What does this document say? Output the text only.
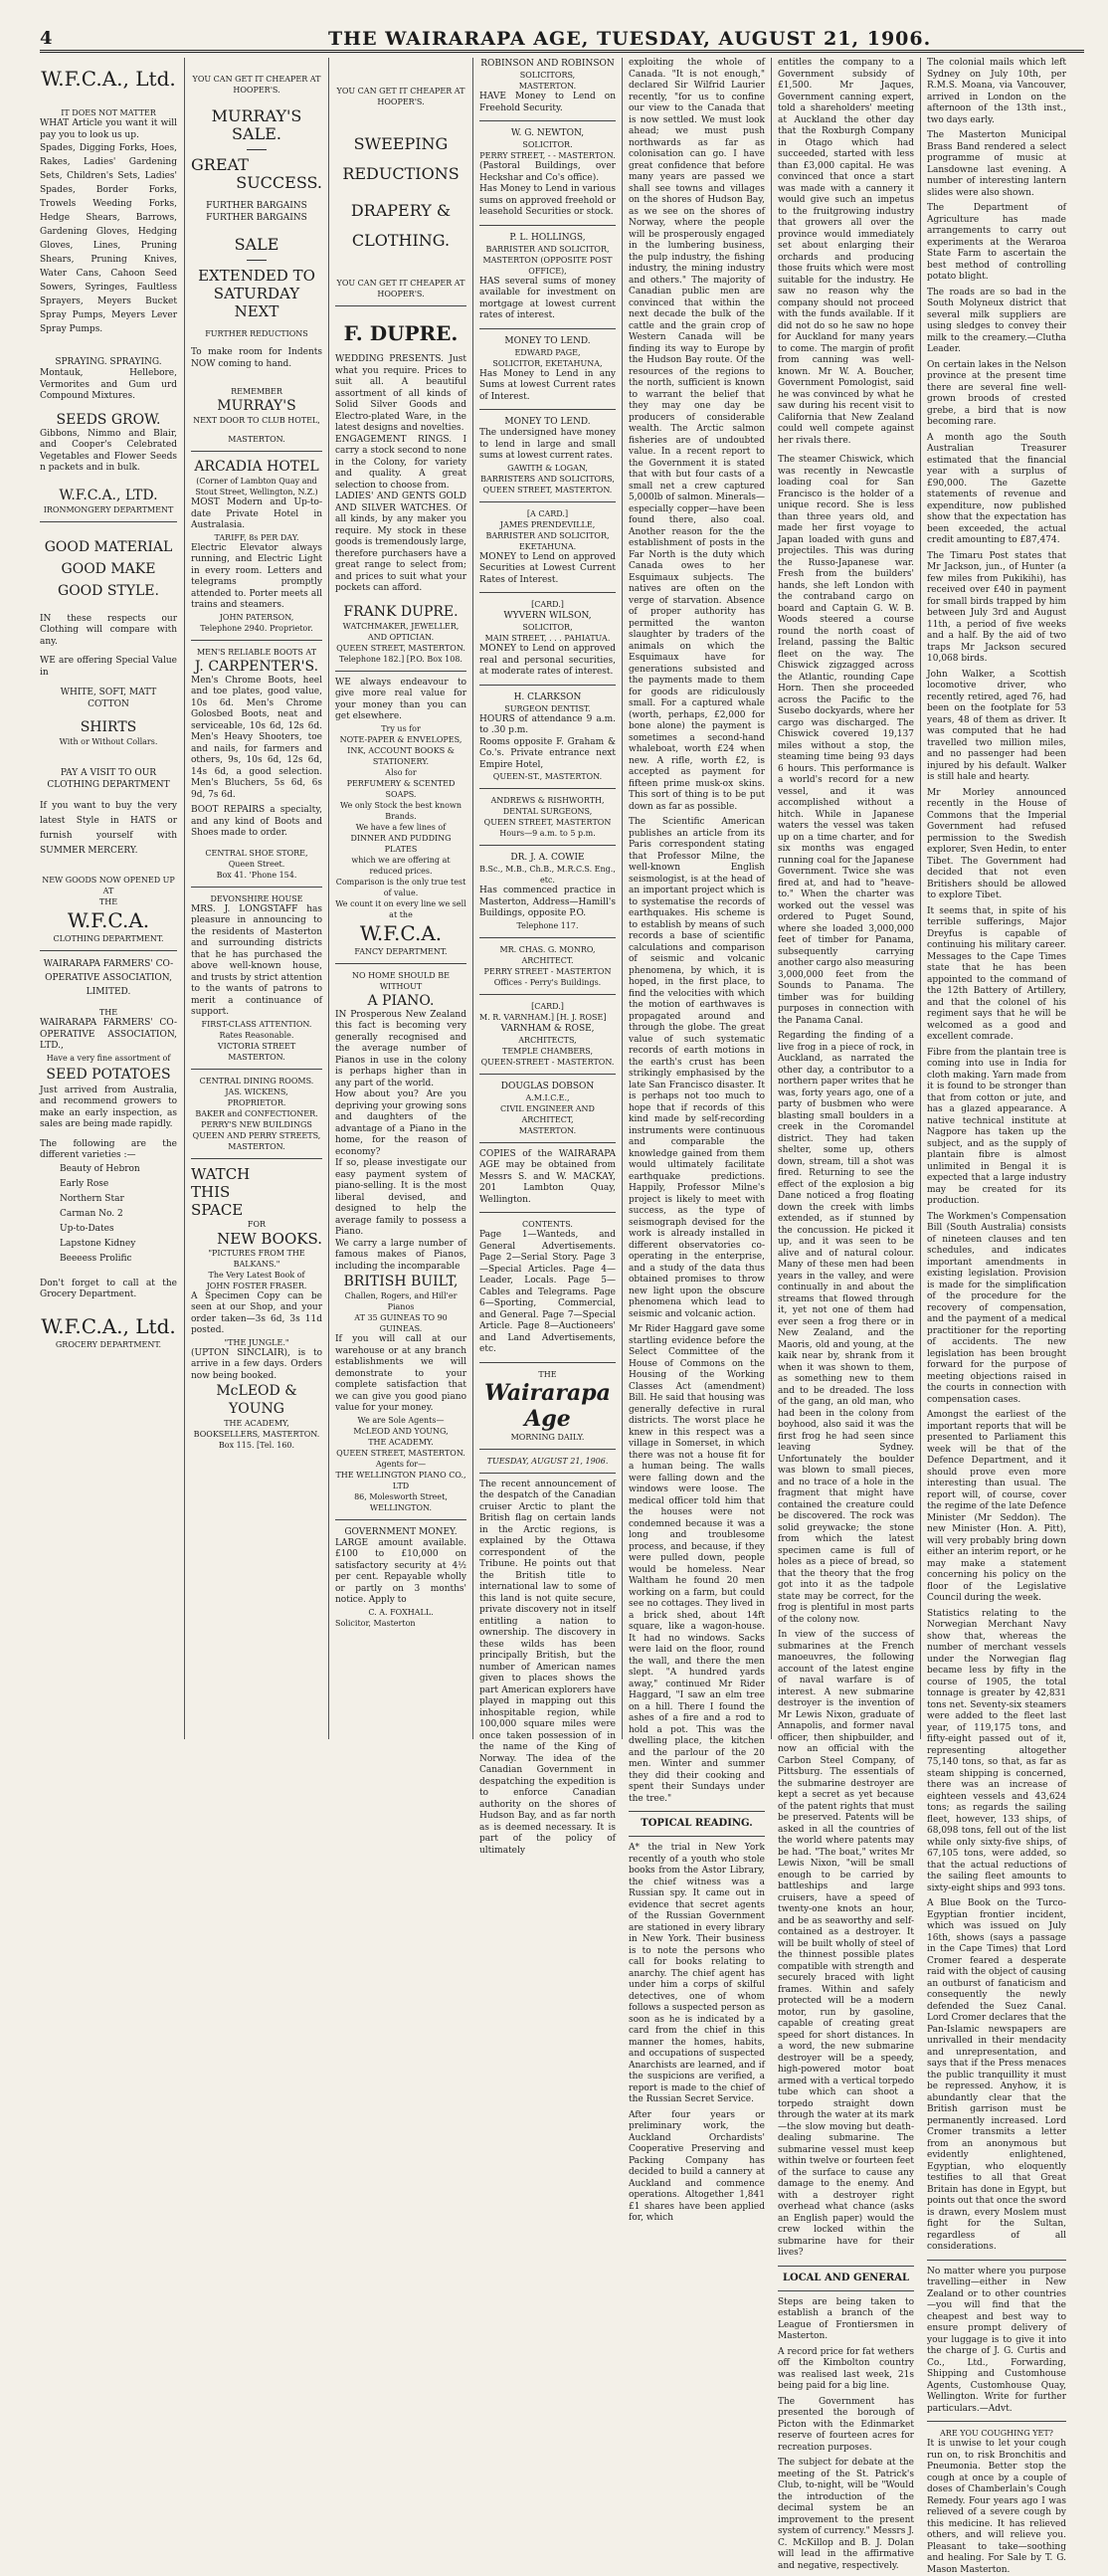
4	THE WAIRARAPA AGE, TUESDAY, AUGUST 21, 1906.

W.F.C.A., Ltd.

IT DOES NOT MATTER

WHAT Article you want it will pay you to look us up.

Spades, Digging Forks, Hoes, Rakes, Ladies' Gardening Sets, Children's Sets, Ladies' Spades, Border Forks, Trowels Weeding Forks, Hedge Shears, Barrows, Gardening Gloves, Hedging Gloves, Lines, Pruning Shears, Pruning Knives, Water Cans, Cahoon Seed Sowers, Syringes, Faultless Sprayers, Meyers Bucket Spray Pumps, Meyers Lever Spray Pumps.

SPRAYING. SPRAYING.

Montauk, Hellebore, Vermorites and Gum urd Compound Mixtures.

SEEDS GROW.

Gibbons, Nimmo and Blair, and Cooper's Celebrated Vegetables and Flower Seeds n packets and in bulk.

W.F.C.A., LTD.

IRONMONGERY DEPARTMENT

GOOD MATERIAL GOOD MAKE GOOD STYLE.

IN these respects our Clothing will compare with any.

WE are offering Special Value in

WHITE, SOFT, MATT COTTON

SHIRTS

With or Without Collars.

PAY A VISIT TO OUR CLOTHING DEPARTMENT

If you want to buy the very latest Style in HATS or furnish yourself with SUMMER MERCERY.

NEW GOODS NOW OPENED UP AT

THE

W.F.C.A.

CLOTHING DEPARTMENT.

WAIRARAPA FARMERS' CO-OPERATIVE ASSOCIATION, LIMITED.

THE

WAIRARAPA FARMERS' CO-OPERATIVE ASSOCIATION, LTD.,

Have a very fine assortment of

SEED POTATOES

Just arrived from Australia, and recommend growers to make an early inspection, as sales are being made rapidly.

The following are the different varieties :—

Beauty of Hebron
Early Rose
Northern Star
Carman No. 2
Up-to-Dates
Lapstone Kidney
Beeeess Prolific

Don't forget to call at the Grocery Department.

W.F.C.A., Ltd.

GROCERY DEPARTMENT.

YOU CAN GET IT CHEAPER AT HOOPER'S.

MURRAY'S SALE.

GREAT

SUCCESS.

FURTHER BARGAINS FURTHER BARGAINS

SALE

EXTENDED TO

SATURDAY NEXT

FURTHER REDUCTIONS

To make room for Indents NOW coming to hand.

REMEMBER

MURRAY'S

NEXT DOOR TO CLUB HOTEL,

MASTERTON.

ARCADIA HOTEL

(Corner of Lambton Quay and Stout Street, Wellington, N.Z.)

MOST Modern and Up-to-date Private Hotel in Australasia.

TARIFF, 8s PER DAY.

Electric Elevator always running, and Electric Light in every room. Letters and telegrams promptly attended to. Porter meets all trains and steamers.

JOHN PATERSON,

Telephone 2940. Proprietor.

MEN'S RELIABLE BOOTS AT

J. CARPENTER'S.

Men's Chrome Boots, heel and toe plates, good value, 10s 6d. Men's Chrome Golosbed Boots, neat and serviceable, 10s 6d, 12s 6d. Men's Heavy Shooters, toe and nails, for farmers and others, 9s, 10s 6d, 12s 6d, 14s 6d, a good selection. Men's Bluchers, 5s 6d, 6s 9d, 7s 6d.

BOOT REPAIRS a specialty, and any kind of Boots and Shoes made to order.

CENTRAL SHOE STORE,

Queen Street.

Box 41. 'Phone 154.

DEVONSHIRE HOUSE

MRS. J. LONGSTAFF has pleasure in announcing to the residents of Masterton and surrounding districts that he has purchased the above well-known house, and trusts by strict attention to the wants of patrons to merit a continuance of support.

FIRST-CLASS ATTENTION.

Rates Reasonable.

VICTORIA STREET MASTERTON.

CENTRAL DINING ROOMS.

JAS. WICKENS,

PROPRIETOR.

BAKER and CONFECTIONER.

PERRY'S NEW BUILDINGS

QUEEN AND PERRY STREETS,

MASTERTON.

WATCH

THIS

SPACE

FOR

NEW BOOKS.

"PICTURES FROM THE BALKANS."

The Very Latest Book of

JOHN FOSTER FRASER.

A Specimen Copy can be seen at our Shop, and your order taken—3s 6d, 3s 11d posted.

"THE JUNGLE."

(UPTON SINCLAIR), is to arrive in a few days. Orders now being booked.

McLEOD & YOUNG

THE ACADEMY, BOOKSELLERS, MASTERTON.

Box 115. [Tel. 160.

YOU CAN GET IT CHEAPER AT HOOPER'S.

SWEEPING

REDUCTIONS

DRAPERY &

CLOTHING.

YOU CAN GET IT CHEAPER AT HOOPER'S.

F. DUPRE.

WEDDING PRESENTS. Just what you require. Prices to suit all. A beautiful assortment of all kinds of Solid Silver Goods and Electro-plated Ware, in the latest designs and novelties.

ENGAGEMENT RINGS. I carry a stock second to none in the Colony, for variety and quality. A great selection to choose from.

LADIES' AND GENTS GOLD AND SILVER WATCHES. Of all kinds, by any maker you require. My stock in these goods is tremendously large, therefore purchasers have a great range to select from; and prices to suit what your pockets can afford.

FRANK DUPRE.

WATCHMAKER, JEWELLER, AND OPTICIAN.

QUEEN STREET, MASTERTON.

Telephone 182.] [P.O. Box 108.

WE always endeavour to give more real value for your money than you can get elsewhere.

Try us for

NOTE-PAPER & ENVELOPES, INK, ACCOUNT BOOKS & STATIONERY.

Also for

PERFUMERY & SCENTED SOAPS.

We only Stock the best known Brands.

We have a few lines of

DINNER AND PUDDING PLATES

which we are offering at reduced prices.

Comparison is the only true test of value.

We count it on every line we sell at the

W.F.C.A.

FANCY DEPARTMENT.

NO HOME SHOULD BE WITHOUT

A PIANO.

IN Prosperous New Zealand this fact is becoming very generally recognised and the average number of Pianos in use in the colony is perhaps higher than in any part of the world.

How about you? Are you depriving your growing sons and daughters of the advantage of a Piano in the home, for the reason of economy?

If so, please investigate our easy payment system of piano-selling. It is the most liberal devised, and designed to help the average family to possess a Piano.

We carry a large number of famous makes of Pianos, including the incomparable

BRITISH BUILT,

Challen, Rogers, and Hill'er Pianos

AT 35 GUINEAS TO 90 GUINEAS.

If you will call at our warehouse or at any branch establishments we will demonstrate to your complete satisfaction that we can give you good piano value for your money.

We are Sole Agents—

McLEOD AND YOUNG,

THE ACADEMY.

QUEEN STREET, MASTERTON.

Agents for—

THE WELLINGTON PIANO CO., LTD

86, Molesworth Street,

WELLINGTON.

GOVERNMENT MONEY.

LARGE amount available. £100 to £10,000 on satisfactory security at 4½ per cent. Repayable wholly or partly on 3 months' notice. Apply to

C. A. FOXHALL.

Solicitor, Masterton

ROBINSON AND ROBINSON

SOLICITORS,

MASTERTON.

HAVE Money to Lend on Freehold Security.

W. G. NEWTON,

SOLICITOR.

PERRY STREET, - - MASTERTON.

(Pastoral Buildings, over Heckshar and Co's office).

Has Money to Lend in various sums on approved freehold or leasehold Securities or stock.

P. L. HOLLINGS,

BARRISTER AND SOLICITOR,

MASTERTON (OPPOSITE POST OFFICE),

HAS several sums of money available for investment on mortgage at lowest current rates of interest.

MONEY TO LEND.

EDWARD PAGE,

SOLICITOR, EKETAHUNA,

Has Money to Lend in any Sums at lowest Current rates of Interest.

MONEY TO LEND.

The undersigned have money to lend in large and small sums at lowest current rates.

GAWITH & LOGAN,

BARRISTERS AND SOLICITORS,

QUEEN STREET, MASTERTON.

[A CARD.]

JAMES PRENDEVILLE,

BARRISTER AND SOLICITOR,

EKETAHUNA.

MONEY to Lend on approved Securities at Lowest Current Rates of Interest.

[CARD.]

WYVERN WILSON,

SOLICITOR,

MAIN STREET, . . . PAHIATUA.

MONEY to Lend on approved real and personal securities, at moderate rates of interest.

H. CLARKSON

SURGEON DENTIST.

HOURS of attendance 9 a.m. to .30 p.m.

Rooms opposite F. Graham & Co.'s. Private entrance next Empire Hotel,

QUEEN-ST., MASTERTON.

ANDREWS & RISHWORTH,

DENTAL SURGEONS,

QUEEN STREET, MASTERTON

Hours—9 a.m. to 5 p.m.

DR. J. A. COWIE

B.Sc., M.B., Ch.B., M.R.C.S. Eng., etc.

Has commenced practice in Masterton, Address—Hamill's Buildings, opposite P.O.

Telephone 117.

MR. CHAS. G. MONRO,

ARCHITECT.

PERRY STREET - MASTERTON

Offices - Perry's Buildings.

[CARD.]

M. R. VARNHAM.] [H. J. ROSE]

VARNHAM & ROSE,

ARCHITECTS,

TEMPLE CHAMBERS,

QUEEN-STREET - MASTERTON.

DOUGLAS DOBSON

A.M.I.C.E.,

CIVIL ENGINEER AND ARCHITECT,

MASTERTON.

COPIES of the WAIRARAPA AGE may be obtained from Messrs S. and W. MACKAY, 201 Lambton Quay, Wellington.

CONTENTS.

Page 1—Wanteds, and General Advertisements. Page 2—Serial Story. Page 3—Special Articles. Page 4—Leader, Locals. Page 5—Cables and Telegrams. Page 6—Sporting, Commercial, and General. Page 7—Special Article. Page 8—Auctioneers' and Land Advertisements, etc.

THE

Wairarapa Age

MORNING DAILY.

TUESDAY, AUGUST 21, 1906.

The recent announcement of the despatch of the Canadian cruiser Arctic to plant the British flag on certain lands in the Arctic regions, is explained by the Ottawa correspondent of the Tribune. He points out that the British title to international law to some of this land is not quite secure, private discovery not in itself entitling a nation to ownership. The discovery in these wilds has been principally British, but the number of American names given to places shows the part American explorers have played in mapping out this inhospitable region, while 100,000 square miles were once taken possession of in the name of the King of Norway. The idea of the Canadian Government in despatching the expedition is to enforce Canadian authority on the shores of Hudson Bay, and as far north as is deemed necessary. It is part of the policy of ultimately

exploiting the whole of Canada. "It is not enough," declared Sir Wilfrid Laurier recently, "for us to confine our view to the Canada that is now settled. We must look ahead; we must push northwards as far as colonisation can go. I have great confidence that before many years are passed we shall see towns and villages on the shores of Hudson Bay, as we see on the shores of Norway, where the people will be prosperously engaged in the lumbering business, the pulp industry, the fishing industry, the mining industry and others." The majority of Canadian public men are convinced that within the next decade the bulk of the cattle and the grain crop of Western Canada will be finding its way to Europe by the Hudson Bay route. Of the resources of the regions to the north, sufficient is known to warrant the belief that they may one day be producers of considerable wealth. The Arctic salmon fisheries are of undoubted value. In a recent report to the Government it is stated that with but four casts of a small net a crew captured 5,000lb of salmon. Minerals—especially copper—have been found there, also coal. Another reason for the the establishment of posts in the Far North is the duty which Canada owes to her Esquimaux subjects. The natives are often on the verge of starvation. Absence of proper authority has permitted the wanton slaughter by traders of the animals on which the Esquimaux have for generations subsisted and the payments made to them for goods are ridiculously small. For a captured whale (worth, perhaps, £2,000 for bone alone) the payment is sometimes a second-hand whaleboat, worth £24 when new. A rifle, worth £2, is accepted as payment for fifteen prime musk-ox skins. This sort of thing is to be put down as far as possible.

The Scientific American publishes an article from its Paris correspondent stating that Professor Milne, the well-known English seismologist, is at the head of an important project which is to systematise the records of earthquakes. His scheme is to establish by means of such records a base of scientific calculations and comparison of seismic and volcanic phenomena, by which, it is hoped, in the first place, to find the velocities with which the motion of earthwaves is propagated around and through the globe. The great value of such systematic records of earth motions in the earth's crust has been strikingly emphasised by the late San Francisco disaster. It is perhaps not too much to hope that if records of this kind made by self-recording instruments were continuous and comparable the knowledge gained from them would ultimately facilitate earthquake predictions. Happily, Professor Milne's project is likely to meet with success, as the type of seismograph devised for the work is already installed in different observatories co-operating in the enterprise, and a study of the data thus obtained promises to throw new light upon the obscure phenomena which lead to seismic and volcanic action.

Mr Rider Haggard gave some startling evidence before the Select Committee of the House of Commons on the Housing of the Working Classes Act (amendment) Bill. He said that housing was generally defective in rural districts. The worst place he knew in this respect was a village in Somerset, in which there was not a house fit for a human being. The walls were falling down and the windows were loose. The medical officer told him that the houses were not condemned because it was a long and troublesome process, and because, if they were pulled down, people would be homeless. Near Waltham he found 20 men working on a farm, but could see no cottages. They lived in a brick shed, about 14ft square, like a wagon-house. It had no windows. Sacks were laid on the floor, round the wall, and there the men slept. "A hundred yards away," continued Mr Rider Haggard, "I saw an elm tree on a hill. There I found the ashes of a fire and a rod to hold a pot. This was the dwelling place, the kitchen and the parlour of the 20 men. Winter and summer they did their cooking and spent their Sundays under the tree."

TOPICAL READING.

A* the trial in New York recently of a youth who stole books from the Astor Library, the chief witness was a Russian spy. It came out in evidence that secret agents of the Russian Government are stationed in every library in New York. Their business is to note the persons who call for books relating to anarchy. The chief agent has under him a corps of skilful detectives, one of whom follows a suspected person as soon as he is indicated by a card from the chief in this manner the homes, habits, and occupations of suspected Anarchists are learned, and if the suspicions are verified, a report is made to the chief of the Russian Secret Service.

After four years or preliminary work, the Auckland Orchardists' Cooperative Preserving and Packing Company has decided to build a cannery at Auckland and commence operations. Altogether 1,841 £1 shares have been applied for, which

entitles the company to a Government subsidy of £1,500. Mr Jaques, Government canning expert, told a shareholders' meeting at Auckland the other day that the Roxburgh Company in Otago which had succeeded, started with less than £3,000 capital. He was convinced that once a start was made with a cannery it would give such an impetus to the fruitgrowing industry that growers all over the province would immediately set about enlarging their orchards and producing those fruits which were most suitable for the industry. He saw no reason why the company should not proceed with the funds available. If it did not do so he saw no hope for Auckland for many years to come. The margin of profit from canning was well-known. Mr W. A. Boucher, Government Pomologist, said he was convinced by what he saw during his recent visit to California that New Zealand could well compete against her rivals there.

The steamer Chiswick, which was recently in Newcastle loading coal for San Francisco is the holder of a unique record. She is less than three years old, and made her first voyage to Japan loaded with guns and projectiles. This was during the Russo-Japanese war. Fresh from the builders' hands, she left London with the contraband cargo on board and Captain G. W. B. Woods steered a course round the north coast of Ireland, passing the Baltic fleet on the way. The Chiswick zigzagged across the Atlantic, rounding Cape Horn. Then she proceeded across the Pacific to the Susebo dockyards, where her cargo was discharged. The Chiswick covered 19,137 miles without a stop, the steaming time being 93 days 6 hours. This performance is a world's record for a new vessel, and it was accomplished without a hitch. While in Japanese waters the vessel was taken up on a time charter, and for six months was engaged running coal for the Japanese Government. Twice she was fired at, and had to "heave-to." When the charter was worked out the vessel was ordered to Puget Sound, where she loaded 3,000,000 feet of timber for Panama, subsequently carrying another cargo also measuring 3,000,000 feet from the Sounds to Panama. The timber was for building purposes in connection with the Panama Canal.

Regarding the finding of a live frog in a piece of rock, in Auckland, as narrated the other day, a contributor to a northern paper writes that he was, forty years ago, one of a party of busbmen who were blasting small boulders in a creek in the Coromandel district. They had taken shelter, some up, others down, stream, till a shot was fired. Returning to see the effect of the explosion a big Dane noticed a frog floating down the creek with limbs extended, as if stunned by the concussion. He picked it up, and it was seen to be alive and of natural colour. Many of these men had been years in the valley, and were continually in and about the streams that flowed through it, yet not one of them had ever seen a frog there or in New Zealand, and the Maoris, old and young, at the kaik near by, shrank from it when it was shown to them, as something new to them and to be dreaded. The loss of the gang, an old man, who had been in the colony from boyhood, also said it was the first frog he had seen since leaving Sydney. Unfortunately the boulder was blown to small pieces, and no trace of a hole in the fragment that might have contained the creature could be discovered. The rock was solid greywacke; the stone from which the latest specimen came is full of holes as a piece of bread, so that the theory that the frog got into it as the tadpole state may be correct, for the frog is plentiful in most parts of the colony now.

In view of the success of submarines at the French manoeuvres, the following account of the latest engine of naval warfare is of interest. A new submarine destroyer is the invention of Mr Lewis Nixon, graduate of Annapolis, and former naval officer, then shipbuilder, and now an official with the Carbon Steel Company, of Pittsburg. The essentials of the submarine destroyer are kept a secret as yet because of the patent rights that must be preserved. Patents will be asked in all the countries of the world where patents may be had. "The boat," writes Mr Lewis Nixon, "will be small enough to be carried by battleships and large cruisers, have a speed of twenty-one knots an hour, and be as seaworthy and self-contained as a destroyer. It will be built wholly of steel of the thinnest possible plates compatible with strength and securely braced with light frames. Within and safely protected will be a modern motor, run by gasoline, capable of creating great speed for short distances. In a word, the new submarine destroyer will be a speedy, high-powered motor boat armed with a vertical torpedo tube which can shoot a torpedo straight down through the water at its mark—the slow moving but death-dealing submarine. The submarine vessel must keep within twelve or fourteen feet of the surface to cause any damage to the enemy. And with a destroyer right overhead what chance (asks an English paper) would the crew locked within the submarine have for their lives?

LOCAL AND GENERAL

Steps are being taken to establish a branch of the League of Frontiersmen in Masterton.

A record price for fat wethers off the Kimbolton country was realised last week, 21s being paid for a big line.

The Government has presented the borough of Picton with the Edinmarket reserve of fourteen acres for recreation purposes.

The subject for debate at the meeting of the St. Patrick's Club, to-night, will be "Would the introduction of the decimal system be an improvement to the present system of currency." Messrs J. C. McKillop and B. J. Dolan will lead in the affirmative and negative, respectively.

The colonial mails which left Sydney on July 10th, per R.M.S. Moana, via Vancouver, arrived in London on the afternoon of the 13th inst., two days early.

The Masterton Municipal Brass Band rendered a select programme of music at Lansdowne last evening. A number of interesting lantern slides were also shown.

The Department of Agriculture has made arrangements to carry out experiments at the Weraroa State Farm to ascertain the best method of controlling potato blight.

The roads are so bad in the South Molyneux district that several milk suppliers are using sledges to convey their milk to the creamery.—Clutha Leader.

On certain lakes in the Nelson province at the present time there are several fine well-grown broods of crested grebe, a bird that is now becoming rare.

A month ago the South Australian Treasurer estimated that the financial year with a surplus of £90,000. The Gazette statements of revenue and expenditure, now published show that the expectation has been exceeded, the actual credit amounting to £87,474.

The Timaru Post states that Mr Jackson, jun., of Hunter (a few miles from Pukikihi), has received over £40 in payment for small birds trapped by him between July 3rd and August 11th, a period of five weeks and a half. By the aid of two traps Mr Jackson secured 10,068 birds.

John Walker, a Scottish locomotive driver, who recently retired, aged 76, had been on the footplate for 53 years, 48 of them as driver. It was computed that he had travelled two million miles, and no passenger had been injured by his default. Walker is still hale and hearty.

Mr Morley announced recently in the House of Commons that the Imperial Government had refused permission to the Swedish explorer, Sven Hedin, to enter Tibet. The Government had decided that not even Britishers should be allowed to explore Tibet.

It seems that, in spite of his terrible sufferings, Major Dreyfus is capable of continuing his military career. Messages to the Cape Times state that he has been appointed to the command of the 12th Battery of Artillery, and that the colonel of his regiment says that he will be welcomed as a good and excellent comrade.

Fibre from the plantain tree is coming into use in India for cloth making. Yarn made from it is found to be stronger than that from cotton or jute, and has a glazed appearance. A native technical institute at Nagpore has taken up the subject, and as the supply of plantain fibre is almost unlimited in Bengal it is expected that a large industry may be created for its production.

The Workmen's Compensation Bill (South Australia) consists of nineteen clauses and ten schedules, and indicates important amendments in existing legislation. Provision is made for the simplification of the procedure for the recovery of compensation, and the payment of a medical practitioner for the reporting of accidents. The new legislation has been brought forward for the purpose of meeting objections raised in the courts in connection with compensation cases.

Amongst the earliest of the important reports that will be presented to Parliament this week will be that of the Defence Department, and it should prove even more interesting than usual. The report will, of course, cover the regime of the late Defence Minister (Mr Seddon). The new Minister (Hon. A. Pitt), will very probably bring down either an interim report, or he may make a statement concerning his policy on the floor of the Legislative Council during the week.

Statistics relating to the Norwegian Merchant Navy show that, whereas the number of merchant vessels under the Norwegian flag became less by fifty in the course of 1905, the total tonnage is greater by 42,831 tons net. Seventy-six steamers were added to the fleet last year, of 119,175 tons, and fifty-eight passed out of it, representing altogether 75,140 tons, so that, as far as steam shipping is concerned, there was an increase of eighteen vessels and 43,624 tons; as regards the sailing fleet, however, 133 ships, of 68,098 tons, fell out of the list while only sixty-five ships, of 67,105 tons, were added, so that the actual reductions of the sailing fleet amounts to sixty-eight ships and 993 tons.

A Blue Book on the Turco-Egyptian frontier incident, which was issued on July 16th, shows (says a passage in the Cape Times) that Lord Cromer feared a desperate raid with the object of causing an outburst of fanaticism and consequently the newly defended the Suez Canal. Lord Cromer declares that the Pan-Islamic newspapers are unrivalled in their mendacity and unrepresentation, and says that if the Press menaces the public tranquillity it must be repressed. Anyhow, it is abundantly clear that the British garrison must be permanently increased. Lord Cromer transmits a letter from an anonymous but evidently enlightened, Egyptian, who eloquently testifies to all that Great Britain has done in Egypt, but points out that once the sword is drawn, every Moslem must fight for the Sultan, regardless of all considerations.

No matter where you purpose travelling—either in New Zealand or to other countries—you will find that the cheapest and best way to ensure prompt delivery of your luggage is to give it into the charge of J. G. Curtis and Co., Ltd., Forwarding, Shipping and Customhouse Agents, Customhouse Quay, Wellington. Write for further particulars.—Advt.

ARE YOU COUGHING YET?

It is unwise to let your cough run on, to risk Bronchitis and Pneumonia. Better stop the cough at once by a couple of doses of Chamberlain's Cough Remedy. Four years ago I was relieved of a severe cough by this medicine. It has relieved others, and will relieve you. Pleasant to take—soothing and healing. For Sale by T. G. Mason Masterton.
